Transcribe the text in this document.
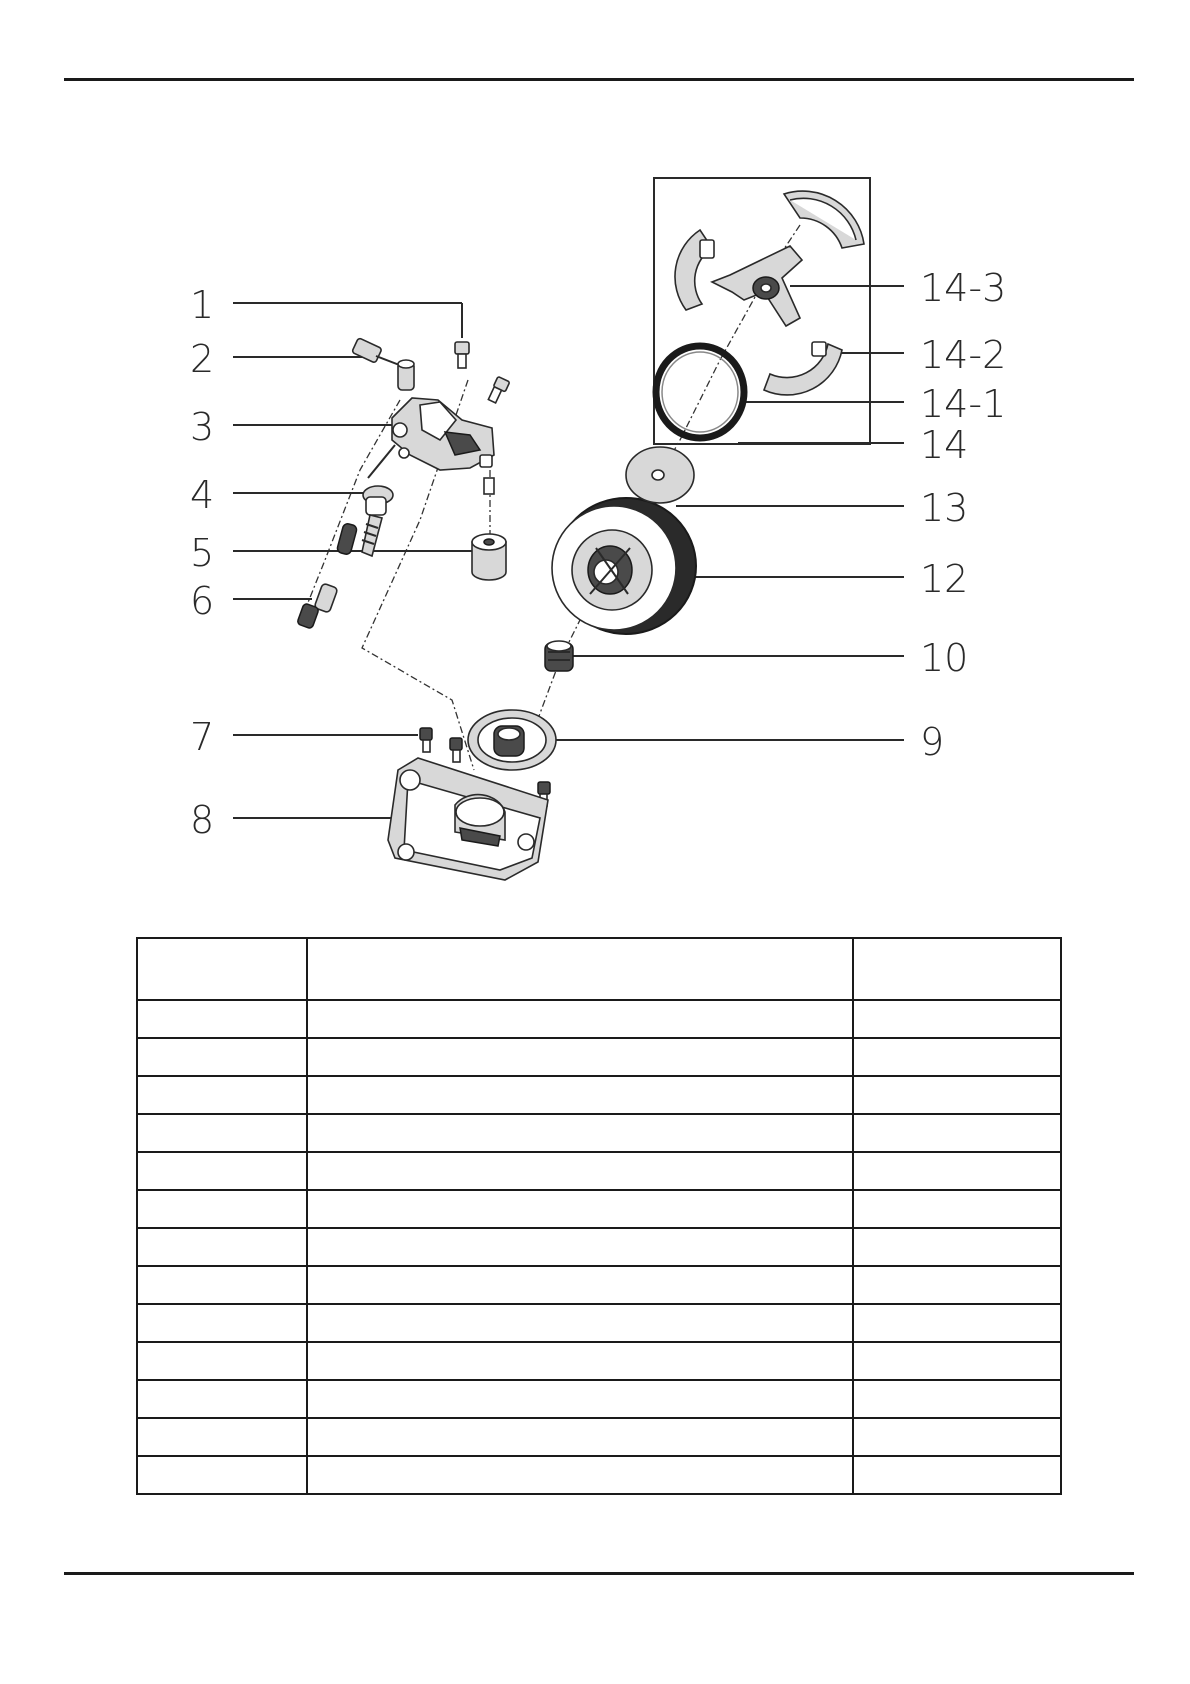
1
2
3
4
5
6
7
8
9
10
12
13
14
14-1
14-2
14-3
